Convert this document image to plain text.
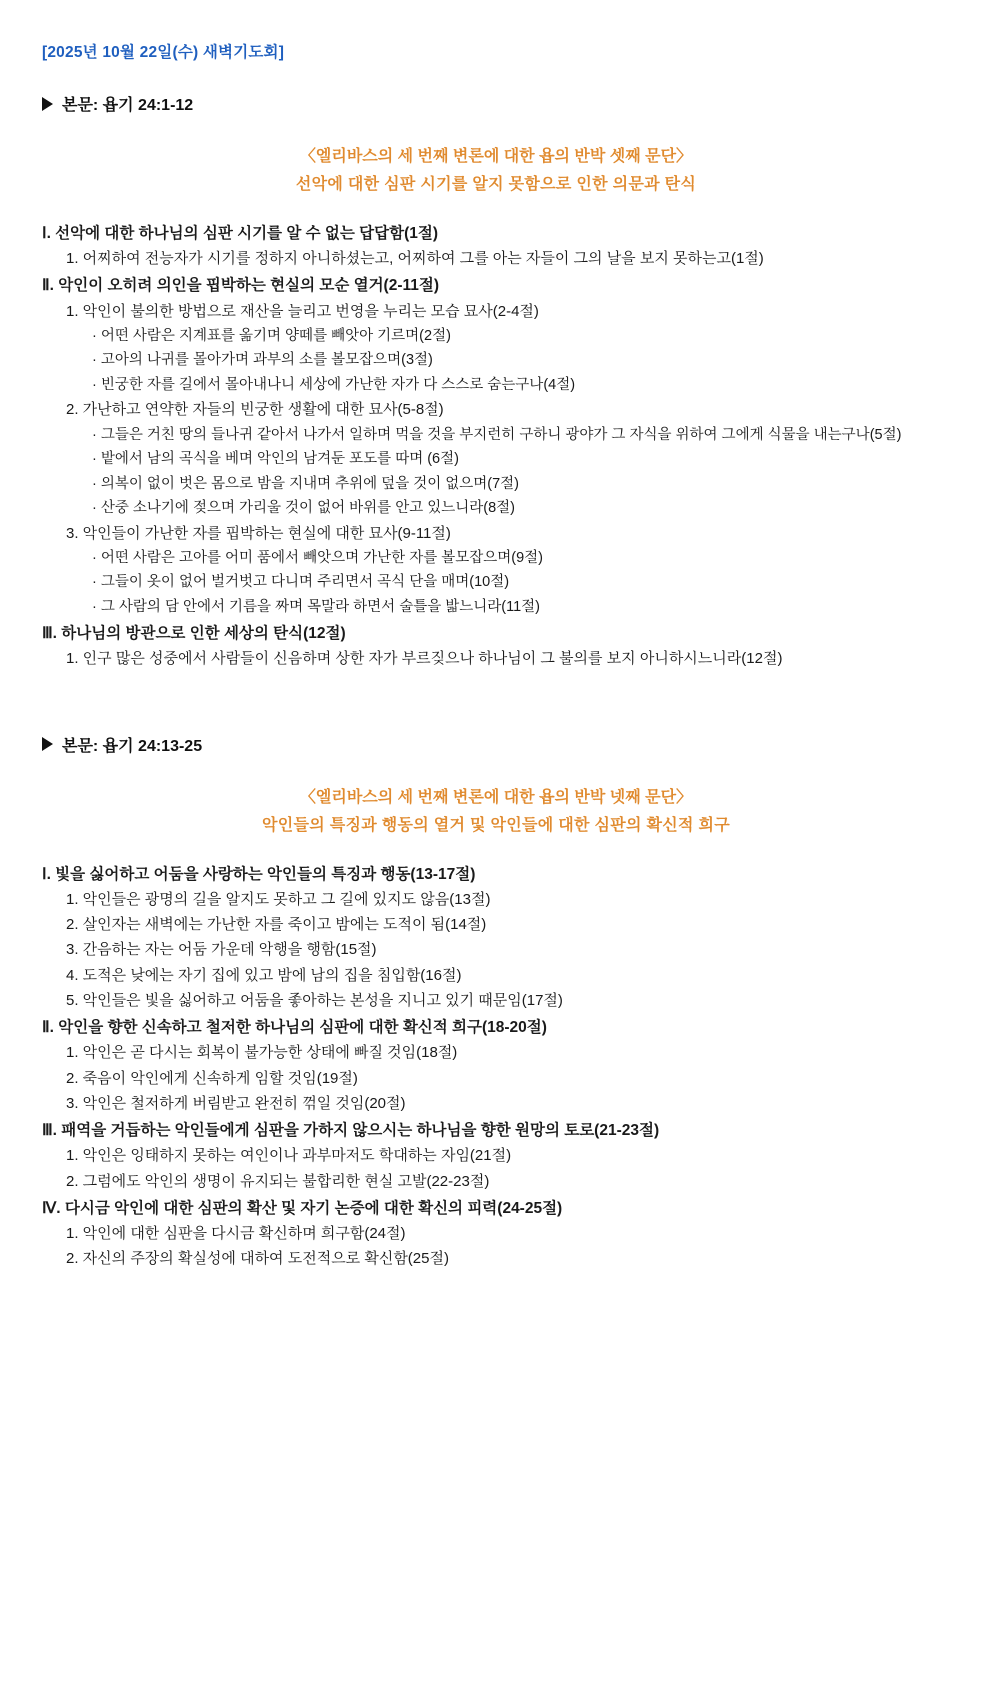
[2025년 10월 22일(수) 새벽기도회]
본문: 욥기 24:1-12
〈엘리바스의 세 번째 변론에 대한 욥의 반박 셋째 문단〉
선악에 대한 심판 시기를 알지 못함으로 인한 의문과 탄식
Ⅰ. 선악에 대한 하나님의 심판 시기를 알 수 없는 답답함(1절)
1. 어찌하여 전능자가 시기를 정하지 아니하셨는고, 어찌하여 그를 아는 자들이 그의 날을 보지 못하는고(1절)
Ⅱ. 악인이 오히려 의인을 핍박하는 현실의 모순 열거(2-11절)
1. 악인이 불의한 방법으로 재산을 늘리고 번영을 누리는 모습 묘사(2-4절)
· 어떤 사람은 지계표를 옮기며 양떼를 빼앗아 기르며(2절)
· 고아의 나귀를 몰아가며 과부의 소를 볼모잡으며(3절)
· 빈궁한 자를 길에서 몰아내나니 세상에 가난한 자가 다 스스로 숨는구나(4절)
2. 가난하고 연약한 자들의 빈궁한 생활에 대한 묘사(5-8절)
· 그들은 거친 땅의 들나귀 같아서 나가서 일하며 먹을 것을 부지런히 구하니 광야가 그 자식을 위하여 그에게 식물을 내는구나(5절)
· 밭에서 남의 곡식을 베며 악인의 남겨둔 포도를 따며 (6절)
· 의복이 없이 벗은 몸으로 밤을 지내며 추위에 덮을 것이 없으며(7절)
· 산중 소나기에 젖으며 가리울 것이 없어 바위를 안고 있느니라(8절)
3. 악인들이 가난한 자를 핍박하는 현실에 대한 묘사(9-11절)
· 어떤 사람은 고아를 어미 품에서 빼앗으며 가난한 자를 볼모잡으며(9절)
· 그들이 옷이 없어 벌거벗고 다니며 주리면서 곡식 단을 매며(10절)
· 그 사람의 담 안에서 기름을 짜며 목말라 하면서 술틀을 밟느니라(11절)
Ⅲ. 하나님의 방관으로 인한 세상의 탄식(12절)
1. 인구 많은 성중에서 사람들이 신음하며 상한 자가 부르짖으나 하나님이 그 불의를 보지 아니하시느니라(12절)
본문: 욥기 24:13-25
〈엘리바스의 세 번째 변론에 대한 욥의 반박 넷째 문단〉
악인들의 특징과 행동의 열거 및 악인들에 대한 심판의 확신적 희구
Ⅰ. 빛을 싫어하고 어둠을 사랑하는 악인들의 특징과 행동(13-17절)
1. 악인들은 광명의 길을 알지도 못하고 그 길에 있지도 않음(13절)
2. 살인자는 새벽에는 가난한 자를 죽이고 밤에는 도적이 됨(14절)
3. 간음하는 자는 어둠 가운데 악행을 행함(15절)
4. 도적은 낮에는 자기 집에 있고 밤에 남의 집을 침입함(16절)
5. 악인들은 빛을 싫어하고 어둠을 좋아하는 본성을 지니고 있기 때문임(17절)
Ⅱ. 악인을 향한 신속하고 철저한 하나님의 심판에 대한 확신적 희구(18-20절)
1. 악인은 곧 다시는 회복이 불가능한 상태에 빠질 것임(18절)
2. 죽음이 악인에게 신속하게 임할 것임(19절)
3. 악인은 철저하게 버림받고 완전히 꺾일 것임(20절)
Ⅲ. 패역을 거듭하는 악인들에게 심판을 가하지 않으시는 하나님을 향한 원망의 토로(21-23절)
1. 악인은 잉태하지 못하는 여인이나 과부마저도 학대하는 자임(21절)
2. 그럼에도 악인의 생명이 유지되는 불합리한 현실 고발(22-23절)
Ⅳ. 다시금 악인에 대한 심판의 확산 및 자기 논증에 대한 확신의 피력(24-25절)
1. 악인에 대한 심판을 다시금 확신하며 희구함(24절)
2. 자신의 주장의 확실성에 대하여 도전적으로 확신함(25절)
